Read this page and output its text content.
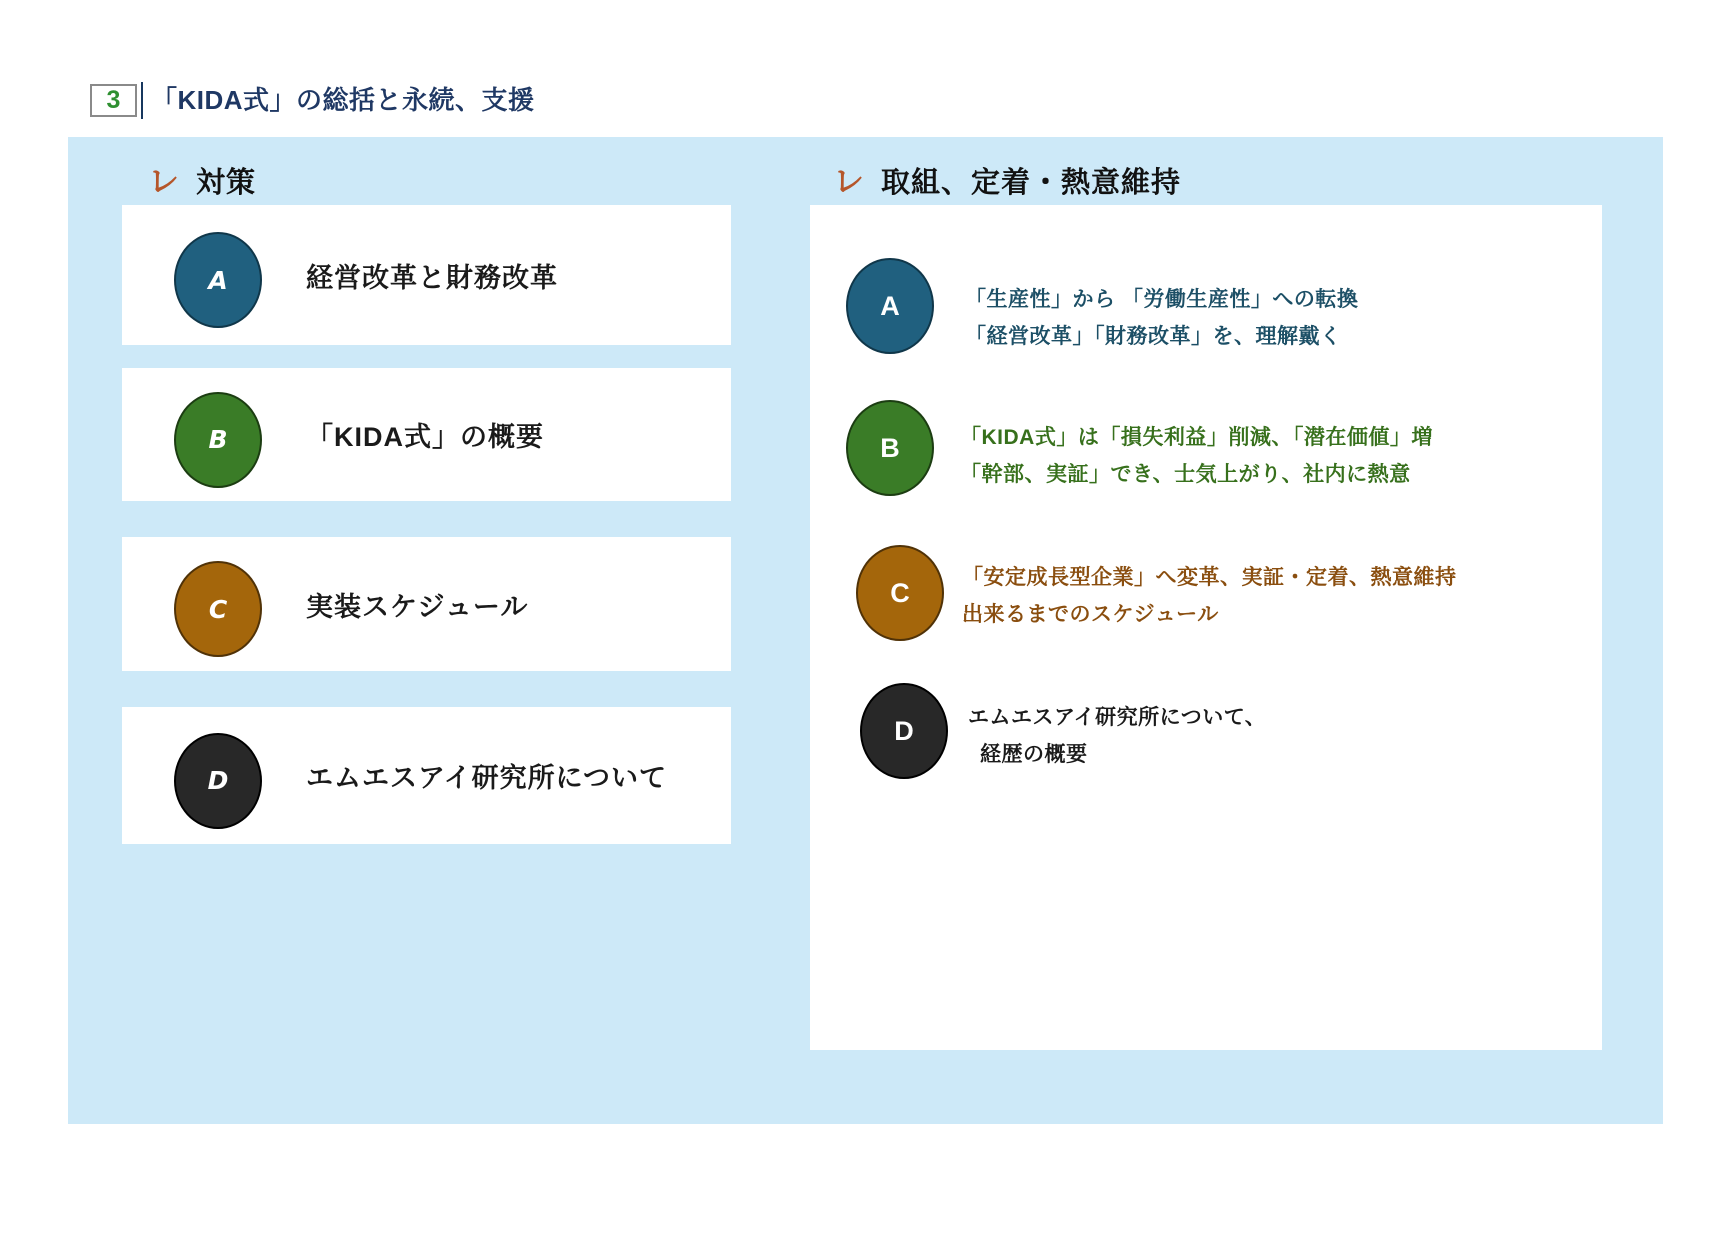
3	「KIDA式」の総括と永続、支援
レ 対策	レ 取組、定着・熱意維持
A	経営改革と財務改革
B	「KIDA式」の概要
C	実装スケジュール
D	エムエスアイ研究所について
A	「生産性」から 「労働生産性」への転換
「経営改革」「財務改革」を、理解戴く
B	「KIDA式」は「損失利益」削減、「潜在価値」増
「幹部、実証」でき、士気上がり、社内に熱意
C 「安定成長型企業」へ変革、実証・定着、熱意維持
出来るまでのスケジュール
D	エムエスアイ研究所について、
経歴の概要
